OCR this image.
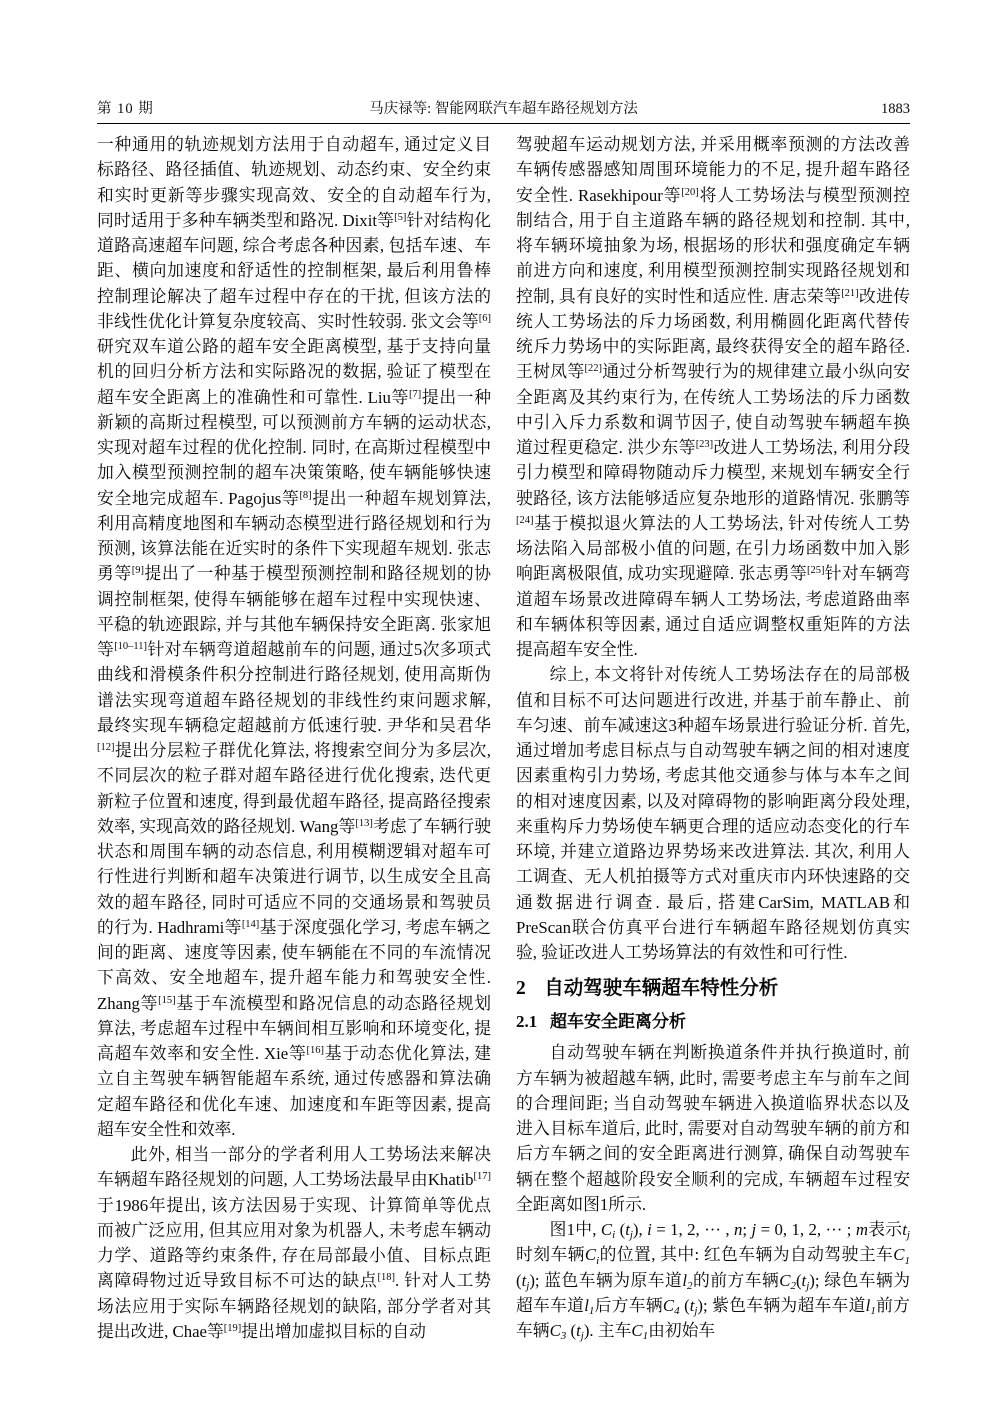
第 10 期	马庆禄等: 智能网联汽车超车路径规划方法	1883

一种通用的轨迹规划方法用于自动超车, 通过定义目标路径、路径插值、轨迹规划、动态约束、安全约束和实时更新等步骤实现高效、安全的自动超车行为, 同时适用于多种车辆类型和路况. Dixit等[5]针对结构化道路高速超车问题, 综合考虑各种因素, 包括车速、车距、横向加速度和舒适性的控制框架, 最后利用鲁棒控制理论解决了超车过程中存在的干扰, 但该方法的非线性优化计算复杂度较高、实时性较弱. 张文会等[6]研究双车道公路的超车安全距离模型, 基于支持向量机的回归分析方法和实际路况的数据, 验证了模型在超车安全距离上的准确性和可靠性. Liu等[7]提出一种新颖的高斯过程模型, 可以预测前方车辆的运动状态, 实现对超车过程的优化控制. 同时, 在高斯过程模型中加入模型预测控制的超车决策策略, 使车辆能够快速安全地完成超车. Pagojus等[8]提出一种超车规划算法, 利用高精度地图和车辆动态模型进行路径规划和行为预测, 该算法能在近实时的条件下实现超车规划. 张志勇等[9]提出了一种基于模型预测控制和路径规划的协调控制框架, 使得车辆能够在超车过程中实现快速、平稳的轨迹跟踪, 并与其他车辆保持安全距离. 张家旭等[10–11]针对车辆弯道超越前车的问题, 通过5次多项式曲线和滑模条件积分控制进行路径规划, 使用高斯伪谱法实现弯道超车路径规划的非线性约束问题求解, 最终实现车辆稳定超越前方低速行驶. 尹华和吴君华[12]提出分层粒子群优化算法, 将搜索空间分为多层次, 不同层次的粒子群对超车路径进行优化搜索, 迭代更新粒子位置和速度, 得到最优超车路径, 提高路径搜索效率, 实现高效的路径规划. Wang等[13]考虑了车辆行驶状态和周围车辆的动态信息, 利用模糊逻辑对超车可行性进行判断和超车决策进行调节, 以生成安全且高效的超车路径, 同时可适应不同的交通场景和驾驶员的行为. Hadhrami等[14]基于深度强化学习, 考虑车辆之间的距离、速度等因素, 使车辆能在不同的车流情况下高效、安全地超车, 提升超车能力和驾驶安全性. Zhang等[15]基于车流模型和路况信息的动态路径规划算法, 考虑超车过程中车辆间相互影响和环境变化, 提高超车效率和安全性. Xie等[16]基于动态优化算法, 建立自主驾驶车辆智能超车系统, 通过传感器和算法确定超车路径和优化车速、加速度和车距等因素, 提高超车安全性和效率.

此外, 相当一部分的学者利用人工势场法来解决车辆超车路径规划的问题, 人工势场法最早由Khatib[17]于1986年提出, 该方法因易于实现、计算简单等优点而被广泛应用, 但其应用对象为机器人, 未考虑车辆动力学、道路等约束条件, 存在局部最小值、目标点距离障碍物过近导致目标不可达的缺点[18]. 针对人工势场法应用于实际车辆路径规划的缺陷, 部分学者对其提出改进, Chae等[19]提出增加虚拟目标的自动

驾驶超车运动规划方法, 并采用概率预测的方法改善车辆传感器感知周围环境能力的不足, 提升超车路径安全性. Rasekhipour等[20]将人工势场法与模型预测控制结合, 用于自主道路车辆的路径规划和控制. 其中, 将车辆环境抽象为场, 根据场的形状和强度确定车辆前进方向和速度, 利用模型预测控制实现路径规划和控制, 具有良好的实时性和适应性. 唐志荣等[21]改进传统人工势场法的斥力场函数, 利用椭圆化距离代替传统斥力势场中的实际距离, 最终获得安全的超车路径. 王树凤等[22]通过分析驾驶行为的规律建立最小纵向安全距离及其约束行为, 在传统人工势场法的斥力函数中引入斥力系数和调节因子, 使自动驾驶车辆超车换道过程更稳定. 洪少东等[23]改进人工势场法, 利用分段引力模型和障碍物随动斥力模型, 来规划车辆安全行驶路径, 该方法能够适应复杂地形的道路情况. 张鹏等[24]基于模拟退火算法的人工势场法, 针对传统人工势场法陷入局部极小值的问题, 在引力场函数中加入影响距离极限值, 成功实现避障. 张志勇等[25]针对车辆弯道超车场景改进障碍车辆人工势场法, 考虑道路曲率和车辆体积等因素, 通过自适应调整权重矩阵的方法提高超车安全性.

综上, 本文将针对传统人工势场法存在的局部极值和目标不可达问题进行改进, 并基于前车静止、前车匀速、前车减速这3种超车场景进行验证分析. 首先, 通过增加考虑目标点与自动驾驶车辆之间的相对速度因素重构引力势场, 考虑其他交通参与体与本车之间的相对速度因素, 以及对障碍物的影响距离分段处理, 来重构斥力势场使车辆更合理的适应动态变化的行车环境, 并建立道路边界势场来改进算法. 其次, 利用人工调查、无人机拍摄等方式对重庆市内环快速路的交通数据进行调查. 最后, 搭建CarSim, MATLAB和PreScan联合仿真平台进行车辆超车路径规划仿真实验, 验证改进人工势场算法的有效性和可行性.

2 自动驾驶车辆超车特性分析
2.1 超车安全距离分析

自动驾驶车辆在判断换道条件并执行换道时, 前方车辆为被超越车辆, 此时, 需要考虑主车与前车之间的合理间距; 当自动驾驶车辆进入换道临界状态以及进入目标车道后, 此时, 需要对自动驾驶车辆的前方和后方车辆之间的安全距离进行测算, 确保自动驾驶车辆在整个超越阶段安全顺利的完成, 车辆超车过程安全距离如图1所示.

图1中, $C_i$ $(t_j)$, i = 1, 2, ··· , n; j = 0, 1, 2, ··· ; m表示$t_j$时刻车辆$C_i$的位置, 其中: 红色车辆为自动驾驶主车$C_1$ $(t_j)$; 蓝色车辆为原车道$l_2$的前方车辆$C_2(t_j)$; 绿色车辆为超车车道$l_1$后方车辆$C_4$ $(t_j)$; 紫色车辆为超车车道$l_1$前方车辆$C_3$ $(t_j)$. 主车$C_1$由初始车
